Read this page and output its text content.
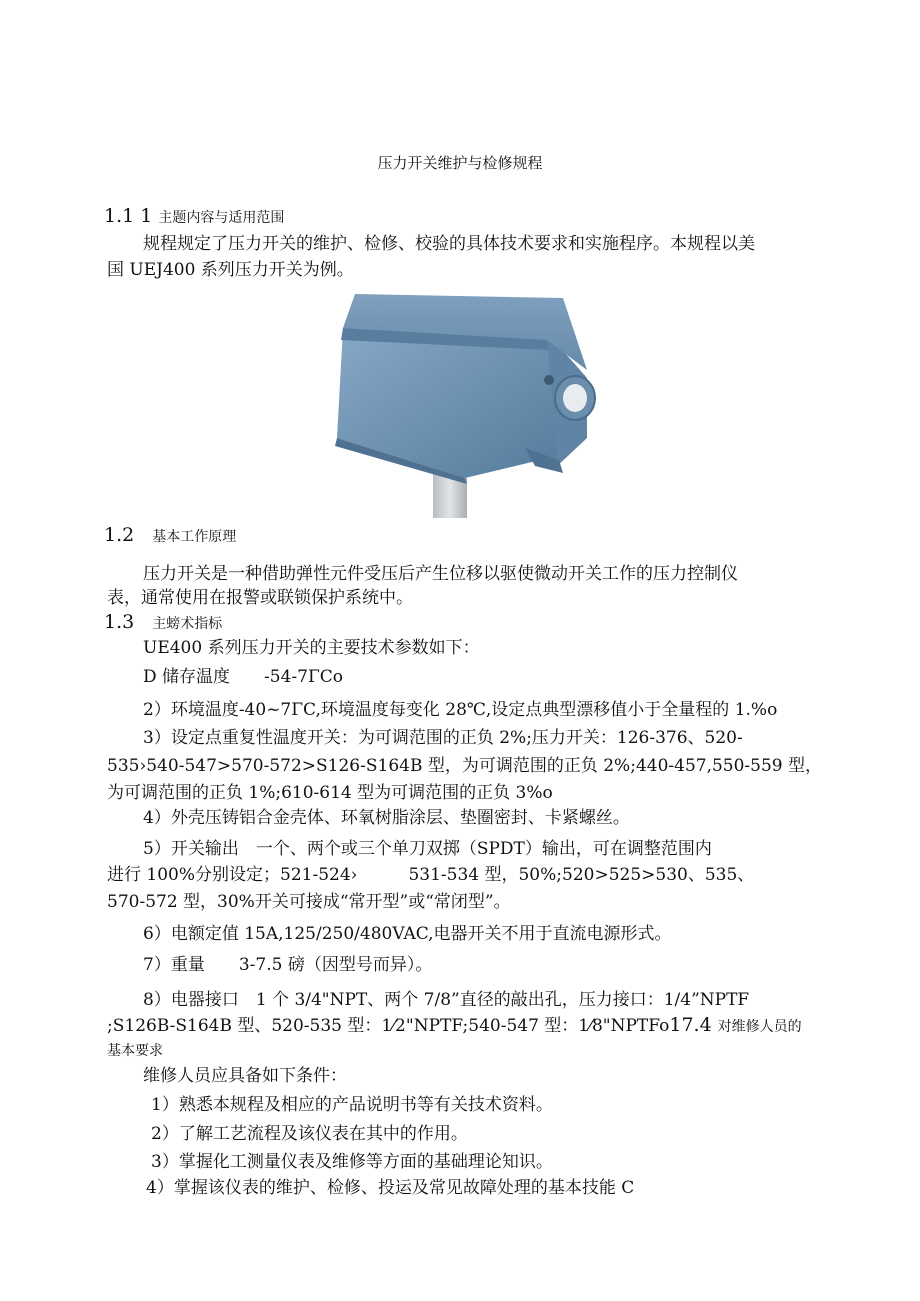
压力开关维护与检修规程
1.1 1 主题内容与适用范围
规程规定了压力开关的维护、检修、校验的具体技术要求和实施程序。本规程以美
国 UEJ400 系列压力开关为例。
1.2 基本工作原理
压力开关是一种借助弹性元件受压后产生位移以驱使微动开关工作的压力控制仪
表，通常使用在报警或联锁保护系统中。
1.3 主螃术指标
UE400 系列压力开关的主要技术参数如下：
D 储存温度　　-54-7ΓCo
2）环境温度-40~7ΓC,环境温度每变化 28℃,设定点典型漂移值小于全量程的 1.%o
3）设定点重复性温度开关：为可调范围的正负 2%;压力开关：126-376、520-
535›540-547>570-572>S126-S164B 型，为可调范围的正负 2%;440-457,550-559 型，
为可调范围的正负 1%;610-614 型为可调范围的正负 3%o
4）外壳压铸铝合金壳体、环氧树脂涂层、垫圈密封、卡紧螺丝。
5）开关输出　一个、两个或三个单刀双掷（SPDT）输出，可在调整范围内
进行 100%分别设定；521-524›　　　531-534 型，50%;520>525>530、535、
570-572 型，30%开关可接成“常开型”或“常闭型”。
6）电额定值 15A,125/250/480VAC,电器开关不用于直流电源形式。
7）重量　　3-7.5 磅（因型号而异）。
8）电器接口　1 个 3/4"NPT、两个 7/8”直径的敲出孔，压力接口：1/4”NPTF
;S126B-S164B 型、520-535 型：1⁄2"NPTF;540-547 型：1⁄8"NPTFo17.4 对维修人员的
基本要求
维修人员应具备如下条件：
1）熟悉本规程及相应的产品说明书等有关技术资料。
2）了解工艺流程及该仪表在其中的作用。
3）掌握化工测量仪表及维修等方面的基础理论知识。
4）掌握该仪表的维护、检修、投运及常见故障处理的基本技能 C
